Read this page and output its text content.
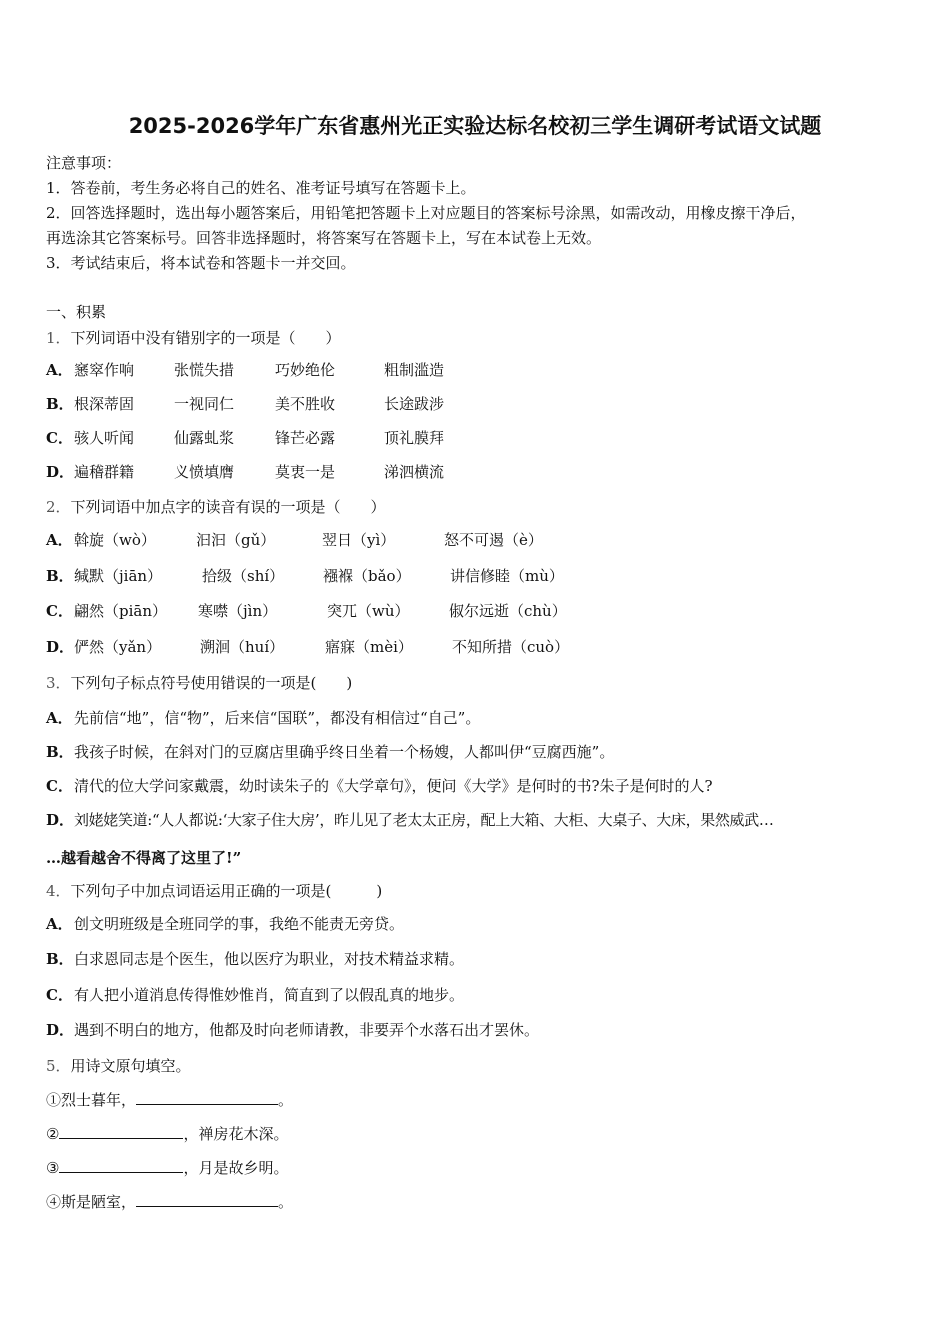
2025-2026学年广东省惠州光正实验达标名校初三学生调研考试语文试题
注意事项：
1．答卷前，考生务必将自己的姓名、准考证号填写在答题卡上。
2．回答选择题时，选出每小题答案后，用铅笔把答题卡上对应题目的答案标号涂黑，如需改动，用橡皮擦干净后，
再选涂其它答案标号。回答非选择题时，将答案写在答题卡上，写在本试卷上无效。
3．考试结束后，将本试卷和答题卡一并交回。
一、积累
1．下列词语中没有错别字的一项是（　　）
A． 窸窣作响	张慌失措	巧妙绝伦	粗制滥造
B． 根深蒂固	一视同仁	美不胜收	长途跋涉
C． 骇人听闻	仙露虬浆	锋芒必露	顶礼膜拜
D． 遍稽群籍	义愤填膺	莫衷一是	涕泗横流
2．下列词语中加点字的读音有误的一项是（　　）
A． 斡旋（wò）	汩汩（gǔ）	翌日（yì）	怒不可遏（è）
B． 缄默（jiān）	拾级（shí）	襁褓（bǎo）	讲信修睦（mù）
C． 翩然（piān） 寒噤（jìn）	突兀（wù）	俶尔远逝（chù）
D． 俨然（yǎn）	溯洄（huí）	寤寐（mèi）	不知所措（cuò）
3．下列句子标点符号使用错误的一项是(　　)
A． 先前信“地”，信“物”，后来信“国联”，都没有相信过“自己”。
B． 我孩子时候，在斜对门的豆腐店里确乎终日坐着一个杨嫂，人都叫伊“豆腐西施”。
C． 清代的位大学问家戴震，幼时读朱子的《大学章句》，便问《大学》是何时的书?朱子是何时的人?
D． 刘姥姥笑道:“人人都说:‘大家子住大房’，昨儿见了老太太正房，配上大箱、大柜、大桌子、大床，果然威武…
…越看越舍不得离了这里了!”
4．下列句子中加点词语运用正确的一项是(　　　)
A． 创文明班级是全班同学的事，我绝不能责无旁贷。
B． 白求恩同志是个医生，他以医疗为职业，对技术精益求精。
C． 有人把小道消息传得惟妙惟肖，简直到了以假乱真的地步。
D． 遇到不明白的地方，他都及时向老师请教，非要弄个水落石出才罢休。
5．用诗文原句填空。
①烈士暮年，	。
②	，禅房花木深。
③	，月是故乡明。
④斯是陋室，	。
